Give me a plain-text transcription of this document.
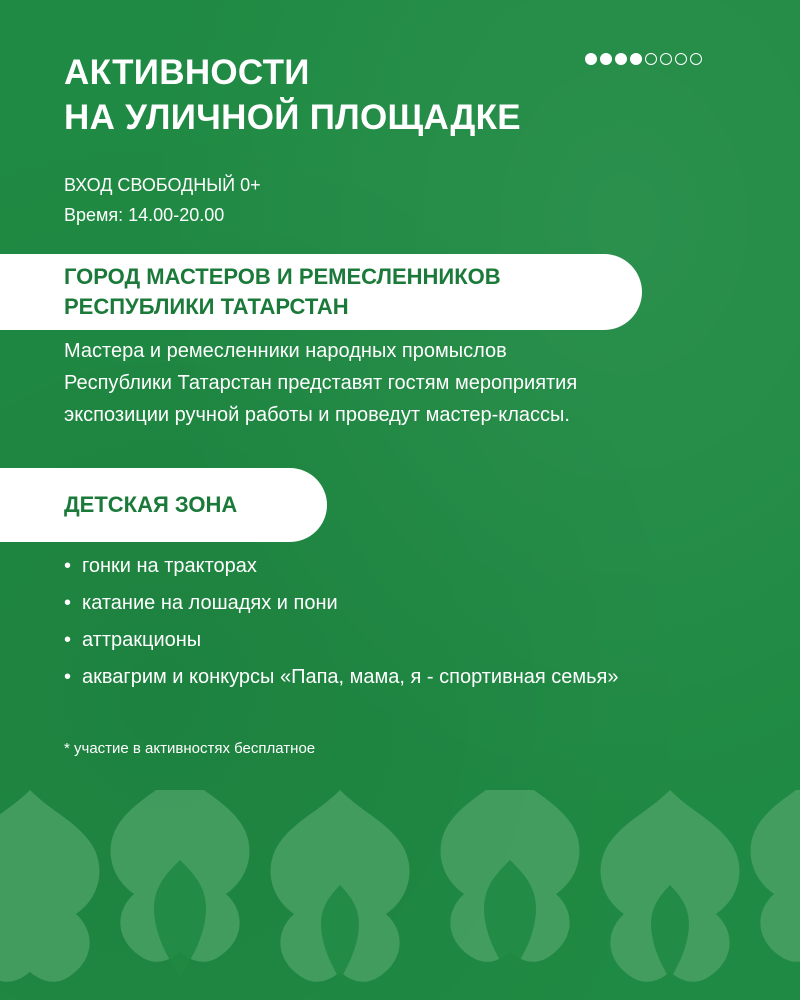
АКТИВНОСТИ
НА УЛИЧНОЙ ПЛОЩАДКЕ
ВХОД СВОБОДНЫЙ 0+
Время: 14.00-20.00
ГОРОД МАСТЕРОВ И РЕМЕСЛЕННИКОВ
РЕСПУБЛИКИ ТАТАРСТАН
Мастера и ремесленники народных промыслов
Республики Татарстан представят гостям мероприятия
экспозиции ручной работы и проведут мастер-классы.
ДЕТСКАЯ ЗОНА
• гонки на тракторах
• катание на лошадях и пони
• аттракционы
• аквагрим и конкурсы «Папа, мама, я - спортивная семья»
* участие в активностях бесплатное
